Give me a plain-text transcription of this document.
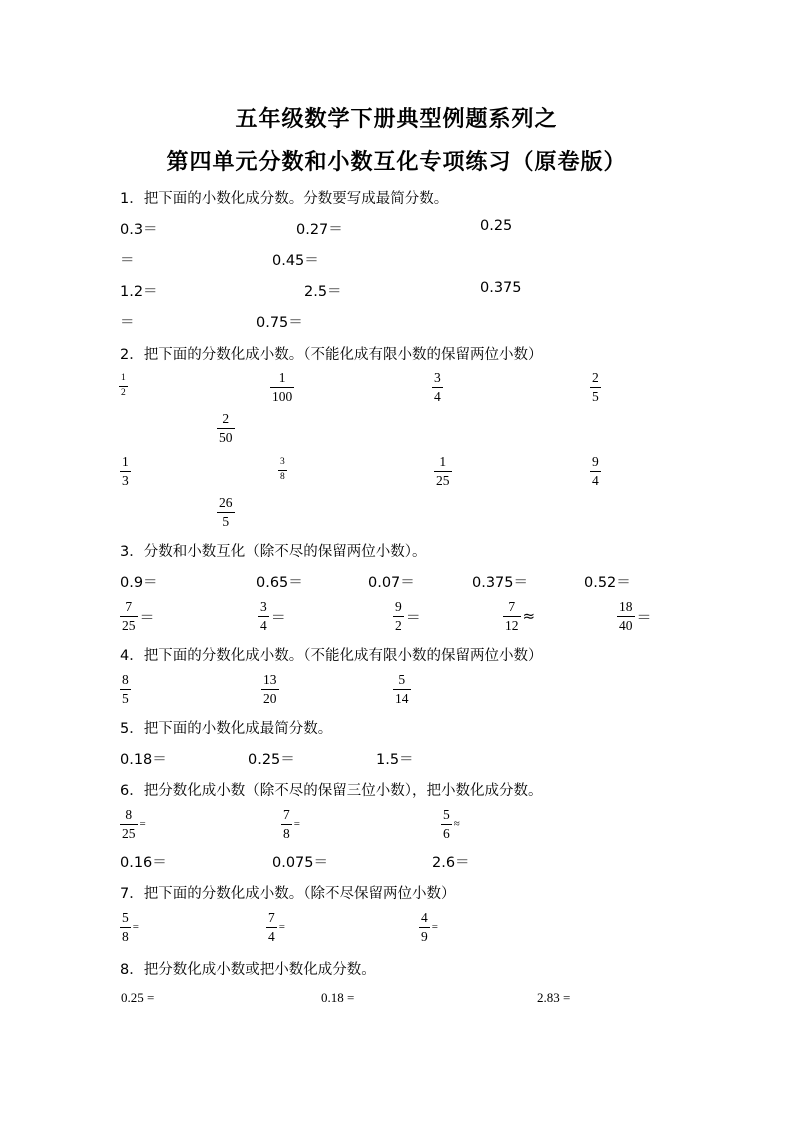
五年级数学下册典型例题系列之
第四单元分数和小数互化专项练习（原卷版）
1．把下面的小数化成分数。分数要写成最简分数。
0.3＝	0.27＝	0.25
＝	0.45＝
1.2＝	2.5＝	0.375
＝	0.75＝
2．把下面的分数化成小数。（不能化成有限小数的保留两位小数）
$\frac{1}{2}$	$\frac{1}{100}$	$\frac{3}{4}$	$\frac{2}{5}$
$\frac{2}{50}$
$\frac{1}{3}$	$\frac{3}{8}$	$\frac{1}{25}$	$\frac{9}{4}$
$\frac{26}{5}$
3．分数和小数互化（除不尽的保留两位小数）。
0.9＝	0.65＝	0.07＝	0.375＝	0.52＝
$\frac{7}{25}$ ＝	$\frac{3}{4}$ ＝	$\frac{9}{2}$ ＝	$\frac{7}{12}$ ≈	$\frac{18}{40}$ ＝
4．把下面的分数化成小数。（不能化成有限小数的保留两位小数）
$\frac{8}{5}$	$\frac{13}{20}$	$\frac{5}{14}$
5．把下面的小数化成最简分数。
0.18＝	0.25＝	1.5＝
6．把分数化成小数（除不尽的保留三位小数），把小数化成分数。
$\frac{8}{25}$ =	$\frac{7}{8}$ =	$\frac{5}{6}$ ≈
0.16＝	0.075＝	2.6＝
7．把下面的分数化成小数。（除不尽保留两位小数）
$\frac{5}{8}$ =	$\frac{7}{4}$ =	$\frac{4}{9}$ =
8．把分数化成小数或把小数化成分数。
0.25 =	0.18 =	2.83 =
